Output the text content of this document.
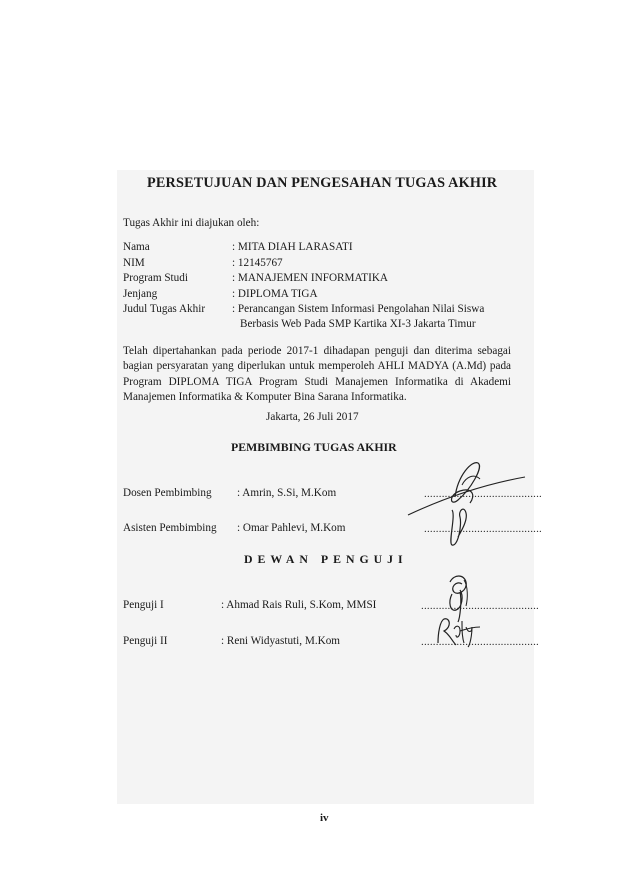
PERSETUJUAN DAN PENGESAHAN TUGAS AKHIR
Tugas Akhir ini diajukan oleh:
Nama	: MITA DIAH LARASATI
NIM	: 12145767
Program Studi	: MANAJEMEN INFORMATIKA
Jenjang	: DIPLOMA TIGA
Judul Tugas Akhir : Perancangan Sistem Informasi Pengolahan Nilai Siswa
Berbasis Web Pada SMP Kartika XI-3 Jakarta Timur
Telah dipertahankan pada periode 2017-1 dihadapan penguji dan diterima sebagai bagian persyaratan yang diperlukan untuk memperoleh AHLI MADYA (A.Md) pada Program DIPLOMA TIGA Program Studi Manajemen Informatika di Akademi Manajemen Informatika & Komputer Bina Sarana Informatika.
Jakarta, 26 Juli 2017
PEMBIMBING TUGAS AKHIR
Dosen Pembimbing : Amrin, S.Si, M.Kom	........................................
Asisten Pembimbing : Omar Pahlevi, M.Kom	........................................
DEWAN PENGUJI
Penguji I	: Ahmad Rais Ruli, S.Kom, MMSI	........................................
Penguji II	: Reni Widyastuti, M.Kom	........................................
iv
